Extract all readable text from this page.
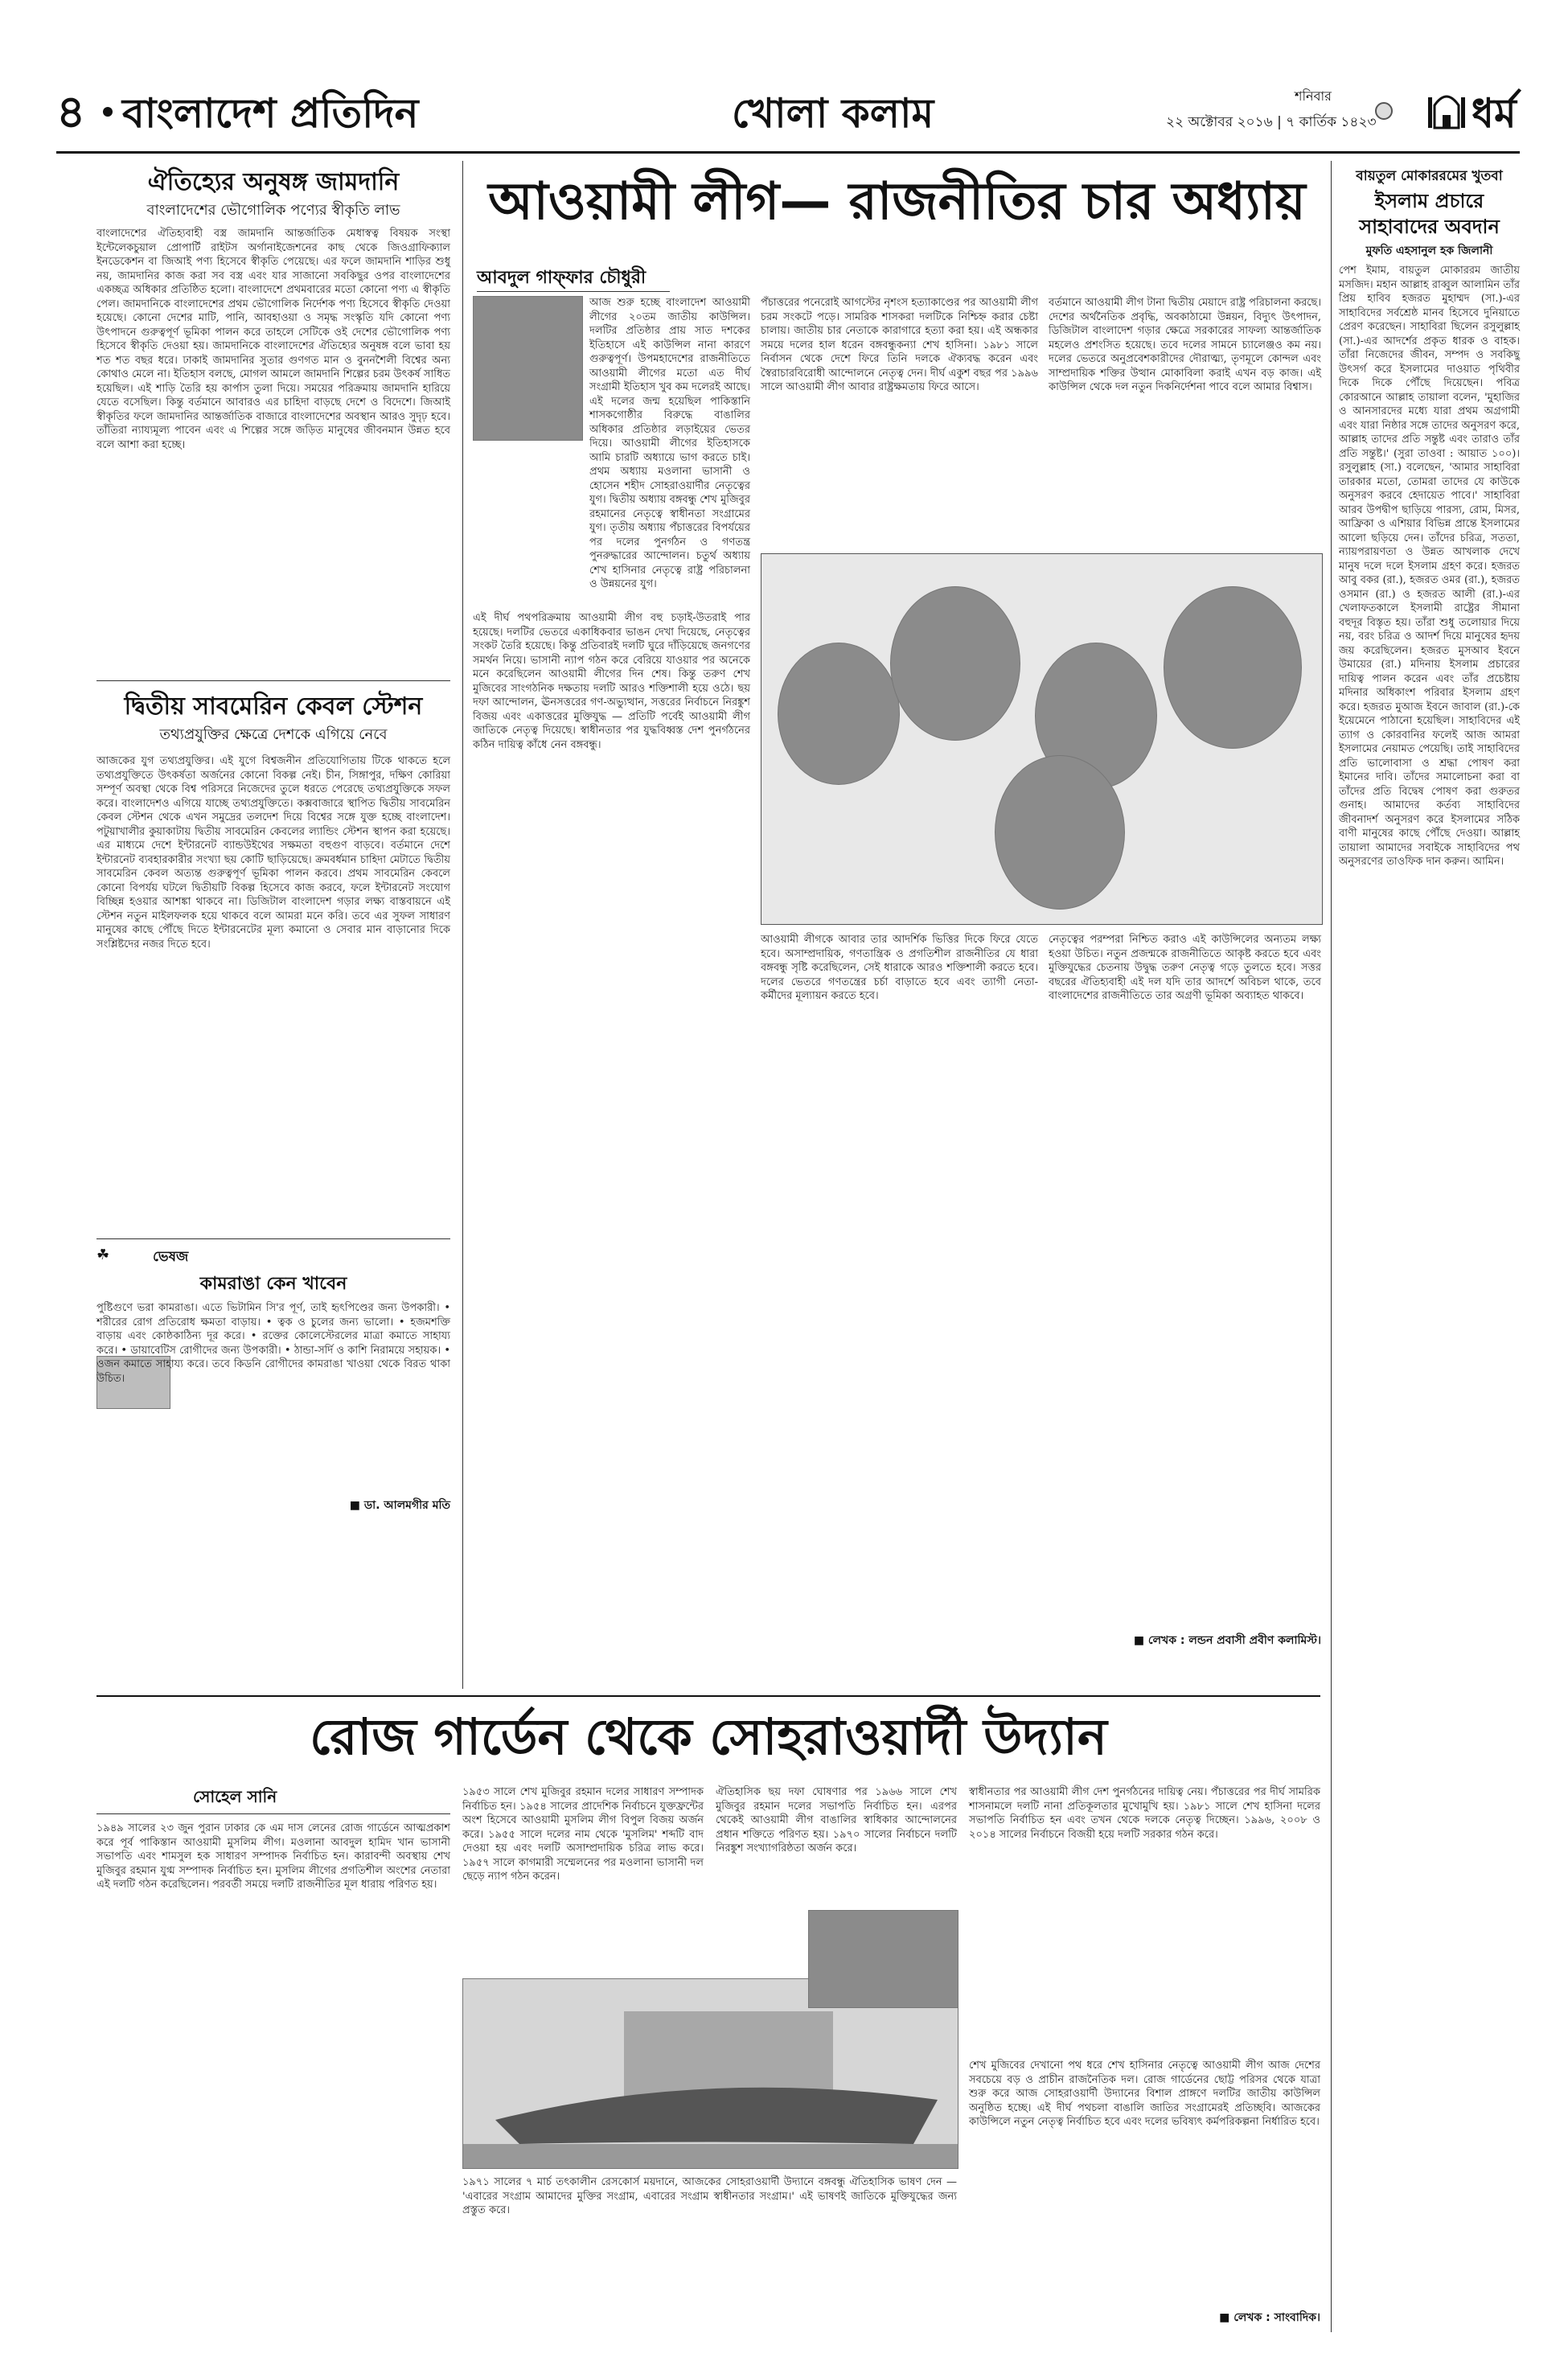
৪ বাংলাদেশ প্রতিদিন	খোলা কলাম	শনিবার
২২ অক্টোবর ২০১৬ | ৭ কার্তিক ১৪২৩ ধর্ম
ঐতিহ্যের অনুষঙ্গ জামদানি
বাংলাদেশের ভৌগোলিক পণ্যের স্বীকৃতি লাভ
বাংলাদেশের ঐতিহ্যবাহী বস্ত্র জামদানি আন্তর্জাতিক মেধাস্বত্ব বিষয়ক সংস্থা ইন্টেলেকচুয়াল প্রোপার্টি রাইটস অর্গানাইজেশনের কাছ থেকে জিওগ্রাফিক্যাল ইনডেকেশন বা জিআই পণ্য হিসেবে স্বীকৃতি পেয়েছে। এর ফলে জামদানি শাড়ির শুধু নয়, জামদানির কাজ করা সব বস্ত্র এবং যার সাজানো সবকিছুর ওপর বাংলাদেশের একচ্ছত্র অধিকার প্রতিষ্ঠিত হলো। বাংলাদেশে প্রথমবারের মতো কোনো পণ্য এ স্বীকৃতি পেল। জামদানিকে বাংলাদেশের প্রথম ভৌগোলিক নির্দেশক পণ্য হিসেবে স্বীকৃতি দেওয়া হয়েছে। কোনো দেশের মাটি, পানি, আবহাওয়া ও সমৃদ্ধ সংস্কৃতি যদি কোনো পণ্য উৎপাদনে গুরুত্বপূর্ণ ভূমিকা পালন করে তাহলে সেটিকে ওই দেশের ভৌগোলিক পণ্য হিসেবে স্বীকৃতি দেওয়া হয়। জামদানিকে বাংলাদেশের ঐতিহ্যের অনুষঙ্গ বলে ভাবা হয় শত শত বছর ধরে। ঢাকাই জামদানির সুতার গুণগত মান ও বুননশৈলী বিশ্বের অন্য কোথাও মেলে না। ইতিহাস বলছে, মোগল আমলে জামদানি শিল্পের চরম উৎকর্ষ সাধিত হয়েছিল। এই শাড়ি তৈরি হয় কার্পাস তুলা দিয়ে। সময়ের পরিক্রমায় জামদানি হারিয়ে যেতে বসেছিল। কিন্তু বর্তমানে আবারও এর চাহিদা বাড়ছে দেশে ও বিদেশে। জিআই স্বীকৃতির ফলে জামদানির আন্তর্জাতিক বাজারে বাংলাদেশের অবস্থান আরও সুদৃঢ় হবে। তাঁতিরা ন্যায্যমূল্য পাবেন এবং এ শিল্পের সঙ্গে জড়িত মানুষের জীবনমান উন্নত হবে বলে আশা করা হচ্ছে।
দ্বিতীয় সাবমেরিন কেবল স্টেশন
তথ্যপ্রযুক্তির ক্ষেত্রে দেশকে এগিয়ে নেবে
আজকের যুগ তথ্যপ্রযুক্তির। এই যুগে বিশ্বজনীন প্রতিযোগিতায় টিকে থাকতে হলে তথ্যপ্রযুক্তিতে উৎকর্ষতা অর্জনের কোনো বিকল্প নেই। চীন, সিঙ্গাপুর, দক্ষিণ কোরিয়া সম্পূর্ণ অবস্থা থেকে বিশ্ব পরিসরে নিজেদের তুলে ধরতে পেরেছে তথ্যপ্রযুক্তিকে সফল করে। বাংলাদেশও এগিয়ে যাচ্ছে তথ্যপ্রযুক্তিতে। কক্সবাজারে স্থাপিত দ্বিতীয় সাবমেরিন কেবল স্টেশন থেকে এখন সমুদ্রের তলদেশ দিয়ে বিশ্বের সঙ্গে যুক্ত হচ্ছে বাংলাদেশ। পটুয়াখালীর কুয়াকাটায় দ্বিতীয় সাবমেরিন কেবলের ল্যান্ডিং স্টেশন স্থাপন করা হয়েছে। এর মাধ্যমে দেশে ইন্টারনেট ব্যান্ডউইথের সক্ষমতা বহুগুণ বাড়বে। বর্তমানে দেশে ইন্টারনেট ব্যবহারকারীর সংখ্যা ছয় কোটি ছাড়িয়েছে। ক্রমবর্ধমান চাহিদা মেটাতে দ্বিতীয় সাবমেরিন কেবল অত্যন্ত গুরুত্বপূর্ণ ভূমিকা পালন করবে। প্রথম সাবমেরিন কেবলে কোনো বিপর্যয় ঘটলে দ্বিতীয়টি বিকল্প হিসেবে কাজ করবে, ফলে ইন্টারনেট সংযোগ বিচ্ছিন্ন হওয়ার আশঙ্কা থাকবে না। ডিজিটাল বাংলাদেশ গড়ার লক্ষ্য বাস্তবায়নে এই স্টেশন নতুন মাইলফলক হয়ে থাকবে বলে আমরা মনে করি। তবে এর সুফল সাধারণ মানুষের কাছে পৌঁছে দিতে ইন্টারনেটের মূল্য কমানো ও সেবার মান বাড়ানোর দিকে সংশ্লিষ্টদের নজর দিতে হবে।
☘	ভেষজ
কামরাঙা কেন খাবেন
পুষ্টিগুণে ভরা কামরাঙা। এতে ভিটামিন সি'র পূর্ণ, তাই হৃৎপিণ্ডের জন্য উপকারী। • শরীরের রোগ প্রতিরোধ ক্ষমতা বাড়ায়। • ত্বক ও চুলের জন্য ভালো। • হজমশক্তি বাড়ায় এবং কোষ্ঠকাঠিন্য দূর করে। • রক্তের কোলেস্টেরলের মাত্রা কমাতে সাহায্য করে। • ডায়াবেটিস রোগীদের জন্য উপকারী। • ঠান্ডা-সর্দি ও কাশি নিরাময়ে সহায়ক। • ওজন কমাতে সাহায্য করে। তবে কিডনি রোগীদের কামরাঙা খাওয়া থেকে বিরত থাকা উচিত।
■ ডা. আলমগীর মতি
আওয়ামী লীগ— রাজনীতির চার অধ্যায়
আবদুল গাফ্ফার চৌধুরী
আজ শুরু হচ্ছে বাংলাদেশ আওয়ামী লীগের ২০তম জাতীয় কাউন্সিল। দলটির প্রতিষ্ঠার প্রায় সাত দশকের ইতিহাসে এই কাউন্সিল নানা কারণে গুরুত্বপূর্ণ। উপমহাদেশের রাজনীতিতে আওয়ামী লীগের মতো এত দীর্ঘ সংগ্রামী ইতিহাস খুব কম দলেরই আছে। এই দলের জন্ম হয়েছিল পাকিস্তানি শাসকগোষ্ঠীর বিরুদ্ধে বাঙালির অধিকার প্রতিষ্ঠার লড়াইয়ের ভেতর দিয়ে। আওয়ামী লীগের ইতিহাসকে আমি চারটি অধ্যায়ে ভাগ করতে চাই। প্রথম অধ্যায় মওলানা ভাসানী ও হোসেন শহীদ সোহরাওয়ার্দীর নেতৃত্বের যুগ। দ্বিতীয় অধ্যায় বঙ্গবন্ধু শেখ মুজিবুর রহমানের নেতৃত্বে স্বাধীনতা সংগ্রামের যুগ। তৃতীয় অধ্যায় পঁচাত্তরের বিপর্যয়ের পর দলের পুনর্গঠন ও গণতন্ত্র পুনরুদ্ধারের আন্দোলন। চতুর্থ অধ্যায় শেখ হাসিনার নেতৃত্বে রাষ্ট্র পরিচালনা ও উন্নয়নের যুগ।
এই দীর্ঘ পথপরিক্রমায় আওয়ামী লীগ বহু চড়াই-উতরাই পার হয়েছে। দলটির ভেতরে একাধিকবার ভাঙন দেখা দিয়েছে, নেতৃত্বের সংকট তৈরি হয়েছে। কিন্তু প্রতিবারই দলটি ঘুরে দাঁড়িয়েছে জনগণের সমর্থন নিয়ে। ভাসানী ন্যাপ গঠন করে বেরিয়ে যাওয়ার পর অনেকে মনে করেছিলেন আওয়ামী লীগের দিন শেষ। কিন্তু তরুণ শেখ মুজিবের সাংগঠনিক দক্ষতায় দলটি আরও শক্তিশালী হয়ে ওঠে। ছয় দফা আন্দোলন, ঊনসত্তরের গণ-অভ্যুত্থান, সত্তরের নির্বাচনে নিরঙ্কুশ বিজয় এবং একাত্তরের মুক্তিযুদ্ধ — প্রতিটি পর্বেই আওয়ামী লীগ জাতিকে নেতৃত্ব দিয়েছে। স্বাধীনতার পর যুদ্ধবিধ্বস্ত দেশ পুনর্গঠনের কঠিন দায়িত্ব কাঁধে নেন বঙ্গবন্ধু।
পঁচাত্তরের পনেরোই আগস্টের নৃশংস হত্যাকাণ্ডের পর আওয়ামী লীগ চরম সংকটে পড়ে। সামরিক শাসকরা দলটিকে নিশ্চিহ্ন করার চেষ্টা চালায়। জাতীয় চার নেতাকে কারাগারে হত্যা করা হয়। এই অন্ধকার সময়ে দলের হাল ধরেন বঙ্গবন্ধুকন্যা শেখ হাসিনা। ১৯৮১ সালে নির্বাসন থেকে দেশে ফিরে তিনি দলকে ঐক্যবদ্ধ করেন এবং স্বৈরাচারবিরোধী আন্দোলনে নেতৃত্ব দেন। দীর্ঘ একুশ বছর পর ১৯৯৬ সালে আওয়ামী লীগ আবার রাষ্ট্রক্ষমতায় ফিরে আসে।
বর্তমানে আওয়ামী লীগ টানা দ্বিতীয় মেয়াদে রাষ্ট্র পরিচালনা করছে। দেশের অর্থনৈতিক প্রবৃদ্ধি, অবকাঠামো উন্নয়ন, বিদ্যুৎ উৎপাদন, ডিজিটাল বাংলাদেশ গড়ার ক্ষেত্রে সরকারের সাফল্য আন্তর্জাতিক মহলেও প্রশংসিত হয়েছে। তবে দলের সামনে চ্যালেঞ্জও কম নয়। দলের ভেতরে অনুপ্রবেশকারীদের দৌরাত্ম্য, তৃণমূলে কোন্দল এবং সাম্প্রদায়িক শক্তির উত্থান মোকাবিলা করাই এখন বড় কাজ। এই কাউন্সিল থেকে দল নতুন দিকনির্দেশনা পাবে বলে আমার বিশ্বাস।
আওয়ামী লীগকে আবার তার আদর্শিক ভিত্তির দিকে ফিরে যেতে হবে। অসাম্প্রদায়িক, গণতান্ত্রিক ও প্রগতিশীল রাজনীতির যে ধারা বঙ্গবন্ধু সৃষ্টি করেছিলেন, সেই ধারাকে আরও শক্তিশালী করতে হবে। দলের ভেতরে গণতন্ত্রের চর্চা বাড়াতে হবে এবং ত্যাগী নেতা-কর্মীদের মূল্যায়ন করতে হবে।
নেতৃত্বের পরম্পরা নিশ্চিত করাও এই কাউন্সিলের অন্যতম লক্ষ্য হওয়া উচিত। নতুন প্রজন্মকে রাজনীতিতে আকৃষ্ট করতে হবে এবং মুক্তিযুদ্ধের চেতনায় উদ্বুদ্ধ তরুণ নেতৃত্ব গড়ে তুলতে হবে। সত্তর বছরের ঐতিহ্যবাহী এই দল যদি তার আদর্শে অবিচল থাকে, তবে বাংলাদেশের রাজনীতিতে তার অগ্রণী ভূমিকা অব্যাহত থাকবে।
■ লেখক : লন্ডন প্রবাসী প্রবীণ কলামিস্ট।
বায়তুল মোকাররমের খুতবা
ইসলাম প্রচারে
সাহাবাদের অবদান
মুফতি এহসানুল হক জিলানী
পেশ ইমাম, বায়তুল মোকাররম জাতীয় মসজিদ। মহান আল্লাহ রাব্বুল আলামিন তাঁর প্রিয় হাবিব হজরত মুহাম্মদ (সা.)-এর সাহাবিদের সর্বশ্রেষ্ঠ মানব হিসেবে দুনিয়াতে প্রেরণ করেছেন। সাহাবিরা ছিলেন রসুলুল্লাহ (সা.)-এর আদর্শের প্রকৃত ধারক ও বাহক। তাঁরা নিজেদের জীবন, সম্পদ ও সবকিছু উৎসর্গ করে ইসলামের দাওয়াত পৃথিবীর দিকে দিকে পৌঁছে দিয়েছেন। পবিত্র কোরআনে আল্লাহ তায়ালা বলেন, 'মুহাজির ও আনসারদের মধ্যে যারা প্রথম অগ্রগামী এবং যারা নিষ্ঠার সঙ্গে তাদের অনুসরণ করে, আল্লাহ তাদের প্রতি সন্তুষ্ট এবং তারাও তাঁর প্রতি সন্তুষ্ট।' (সুরা তাওবা : আয়াত ১০০)। রসুলুল্লাহ (সা.) বলেছেন, 'আমার সাহাবিরা তারকার মতো, তোমরা তাদের যে কাউকে অনুসরণ করবে হেদায়েত পাবে।' সাহাবিরা আরব উপদ্বীপ ছাড়িয়ে পারস্য, রোম, মিসর, আফ্রিকা ও এশিয়ার বিভিন্ন প্রান্তে ইসলামের আলো ছড়িয়ে দেন। তাঁদের চরিত্র, সততা, ন্যায়পরায়ণতা ও উন্নত আখলাক দেখে মানুষ দলে দলে ইসলাম গ্রহণ করে। হজরত আবু বকর (রা.), হজরত ওমর (রা.), হজরত ওসমান (রা.) ও হজরত আলী (রা.)-এর খেলাফতকালে ইসলামী রাষ্ট্রের সীমানা বহুদূর বিস্তৃত হয়। তাঁরা শুধু তলোয়ার দিয়ে নয়, বরং চরিত্র ও আদর্শ দিয়ে মানুষের হৃদয় জয় করেছিলেন। হজরত মুসআব ইবনে উমায়ের (রা.) মদিনায় ইসলাম প্রচারের দায়িত্ব পালন করেন এবং তাঁর প্রচেষ্টায় মদিনার অধিকাংশ পরিবার ইসলাম গ্রহণ করে। হজরত মুআজ ইবনে জাবাল (রা.)-কে ইয়েমেনে পাঠানো হয়েছিল। সাহাবিদের এই ত্যাগ ও কোরবানির ফলেই আজ আমরা ইসলামের নেয়ামত পেয়েছি। তাই সাহাবিদের প্রতি ভালোবাসা ও শ্রদ্ধা পোষণ করা ইমানের দাবি। তাঁদের সমালোচনা করা বা তাঁদের প্রতি বিদ্বেষ পোষণ করা গুরুতর গুনাহ। আমাদের কর্তব্য সাহাবিদের জীবনাদর্শ অনুসরণ করে ইসলামের সঠিক বাণী মানুষের কাছে পৌঁছে দেওয়া। আল্লাহ তায়ালা আমাদের সবাইকে সাহাবিদের পথ অনুসরণের তাওফিক দান করুন। আমিন।
রোজ গার্ডেন থেকে সোহরাওয়ার্দী উদ্যান
সোহেল সানি
১৯৪৯ সালের ২৩ জুন পুরান ঢাকার কে এম দাস লেনের রোজ গার্ডেনে আত্মপ্রকাশ করে পূর্ব পাকিস্তান আওয়ামী মুসলিম লীগ। মওলানা আবদুল হামিদ খান ভাসানী সভাপতি এবং শামসুল হক সাধারণ সম্পাদক নির্বাচিত হন। কারাবন্দী অবস্থায় শেখ মুজিবুর রহমান যুগ্ম সম্পাদক নির্বাচিত হন। মুসলিম লীগের প্রগতিশীল অংশের নেতারা এই দলটি গঠন করেছিলেন। পরবর্তী সময়ে দলটি রাজনীতির মূল ধারায় পরিণত হয়।
১৯৫৩ সালে শেখ মুজিবুর রহমান দলের সাধারণ সম্পাদক নির্বাচিত হন। ১৯৫৪ সালের প্রাদেশিক নির্বাচনে যুক্তফ্রন্টের অংশ হিসেবে আওয়ামী মুসলিম লীগ বিপুল বিজয় অর্জন করে। ১৯৫৫ সালে দলের নাম থেকে 'মুসলিম' শব্দটি বাদ দেওয়া হয় এবং দলটি অসাম্প্রদায়িক চরিত্র লাভ করে। ১৯৫৭ সালে কাগমারী সম্মেলনের পর মওলানা ভাসানী দল ছেড়ে ন্যাপ গঠন করেন।
ঐতিহাসিক ছয় দফা ঘোষণার পর ১৯৬৬ সালে শেখ মুজিবুর রহমান দলের সভাপতি নির্বাচিত হন। এরপর থেকেই আওয়ামী লীগ বাঙালির স্বাধিকার আন্দোলনের প্রধান শক্তিতে পরিণত হয়। ১৯৭০ সালের নির্বাচনে দলটি নিরঙ্কুশ সংখ্যাগরিষ্ঠতা অর্জন করে।
১৯৭১ সালের ৭ মার্চ তৎকালীন রেসকোর্স ময়দানে, আজকের সোহরাওয়ার্দী উদ্যানে বঙ্গবন্ধু ঐতিহাসিক ভাষণ দেন — 'এবারের সংগ্রাম আমাদের মুক্তির সংগ্রাম, এবারের সংগ্রাম স্বাধীনতার সংগ্রাম।' এই ভাষণই জাতিকে মুক্তিযুদ্ধের জন্য প্রস্তুত করে।
স্বাধীনতার পর আওয়ামী লীগ দেশ পুনর্গঠনের দায়িত্ব নেয়। পঁচাত্তরের পর দীর্ঘ সামরিক শাসনামলে দলটি নানা প্রতিকূলতার মুখোমুখি হয়। ১৯৮১ সালে শেখ হাসিনা দলের সভাপতি নির্বাচিত হন এবং তখন থেকে দলকে নেতৃত্ব দিচ্ছেন। ১৯৯৬, ২০০৮ ও ২০১৪ সালের নির্বাচনে বিজয়ী হয়ে দলটি সরকার গঠন করে।
শেখ মুজিবের দেখানো পথ ধরে শেখ হাসিনার নেতৃত্বে আওয়ামী লীগ আজ দেশের সবচেয়ে বড় ও প্রাচীন রাজনৈতিক দল। রোজ গার্ডেনের ছোট্ট পরিসর থেকে যাত্রা শুরু করে আজ সোহরাওয়ার্দী উদ্যানের বিশাল প্রাঙ্গণে দলটির জাতীয় কাউন্সিল অনুষ্ঠিত হচ্ছে। এই দীর্ঘ পথচলা বাঙালি জাতির সংগ্রামেরই প্রতিচ্ছবি। আজকের কাউন্সিলে নতুন নেতৃত্ব নির্বাচিত হবে এবং দলের ভবিষ্যৎ কর্মপরিকল্পনা নির্ধারিত হবে।
■ লেখক : সাংবাদিক।
